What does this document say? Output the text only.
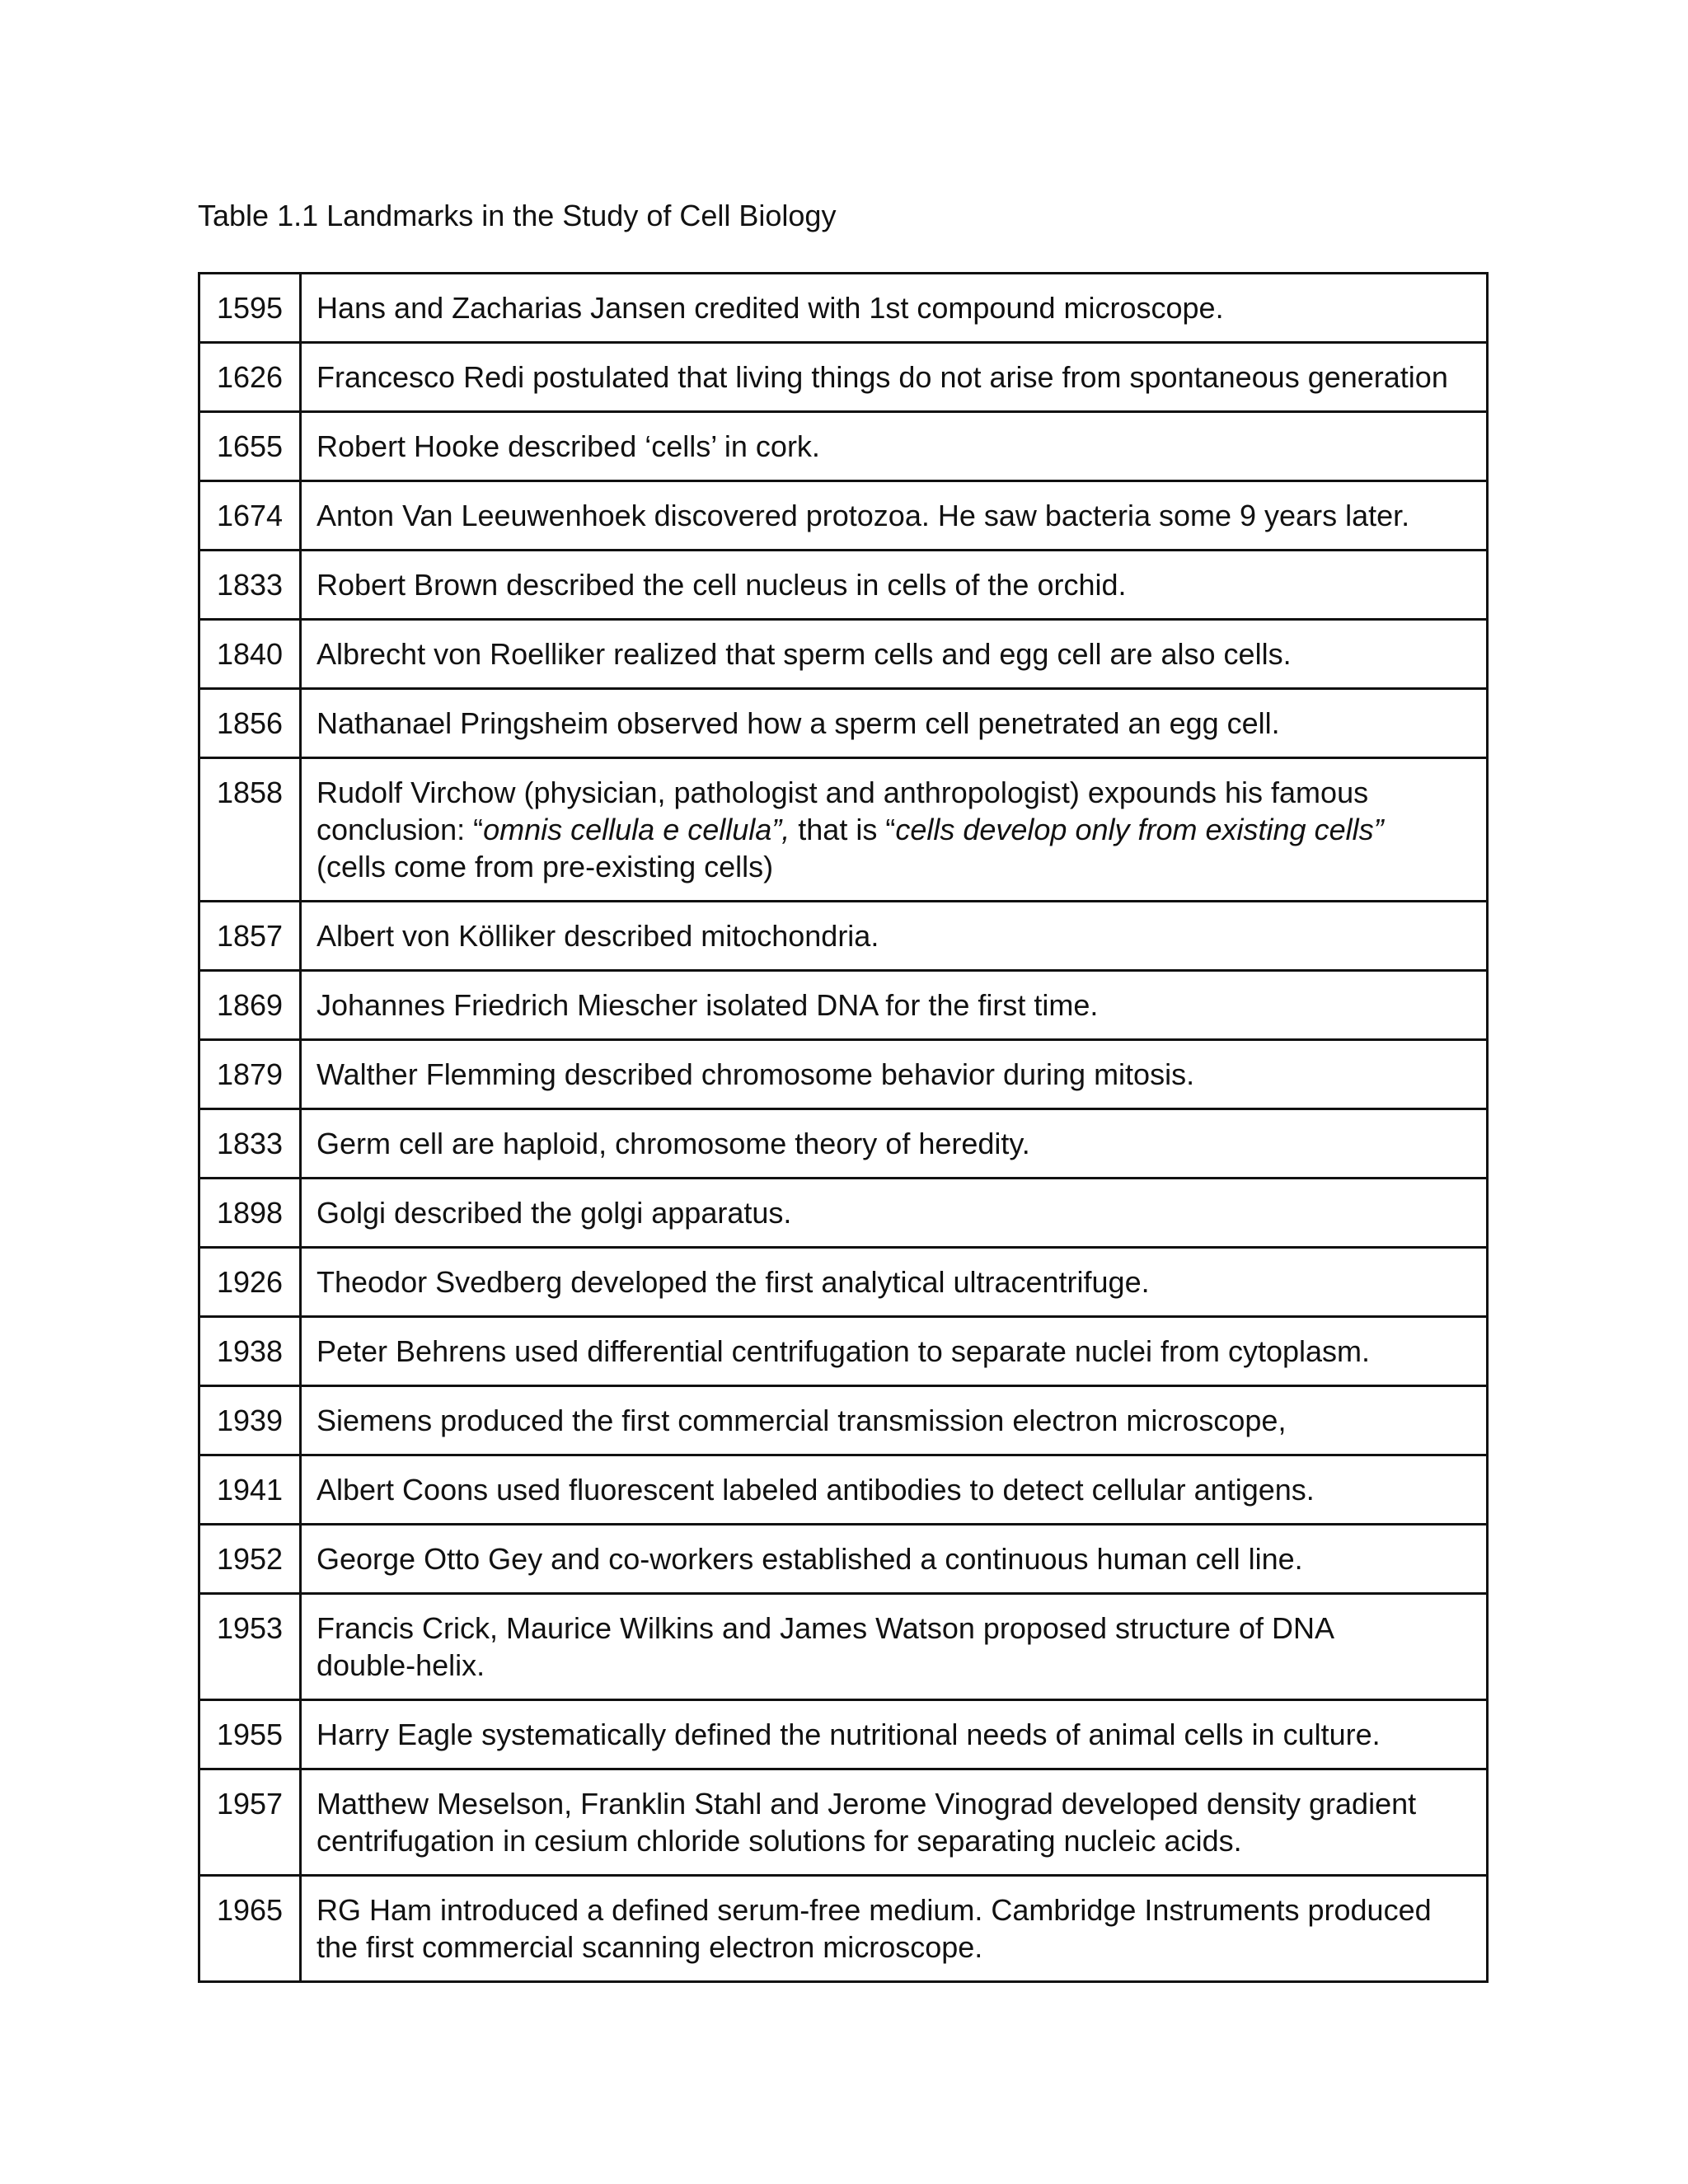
Table 1.1 Landmarks in the Study of Cell Biology
1595	Hans and Zacharias Jansen credited with 1st compound microscope.

1626	Francesco Redi postulated that living things do not arise from spontaneous generation

1655	Robert Hooke described ‘cells’ in cork.

1674	Anton Van Leeuwenhoek discovered protozoa. He saw bacteria some 9 years later.

1833	Robert Brown described the cell nucleus in cells of the orchid.

1840	Albrecht von Roelliker realized that sperm cells and egg cell are also cells.

1856	Nathanael Pringsheim observed how a sperm cell penetrated an egg cell.

1858	Rudolf Virchow (physician, pathologist and anthropologist) expounds his famous
conclusion: “omnis cellula e cellula”, that is “cells develop only from existing cells”
(cells come from pre-existing cells)

1857	Albert von Kölliker described mitochondria.

1869	Johannes Friedrich Miescher isolated DNA for the first time.

1879	Walther Flemming described chromosome behavior during mitosis.

1833	Germ cell are haploid, chromosome theory of heredity.

1898	Golgi described the golgi apparatus.

1926	Theodor Svedberg developed the first analytical ultracentrifuge.

1938	Peter Behrens used differential centrifugation to separate nuclei from cytoplasm.

1939	Siemens produced the first commercial transmission electron microscope,

1941	Albert Coons used fluorescent labeled antibodies to detect cellular antigens.

1952	George Otto Gey and co-workers established a continuous human cell line.

1953	Francis Crick, Maurice Wilkins and James Watson proposed structure of DNA
double-helix.

1955	Harry Eagle systematically defined the nutritional needs of animal cells in culture.

1957	Matthew Meselson, Franklin Stahl and Jerome Vinograd developed density gradient
centrifugation in cesium chloride solutions for separating nucleic acids.

1965	RG Ham introduced a defined serum-free medium. Cambridge Instruments produced
the first commercial scanning electron microscope.
